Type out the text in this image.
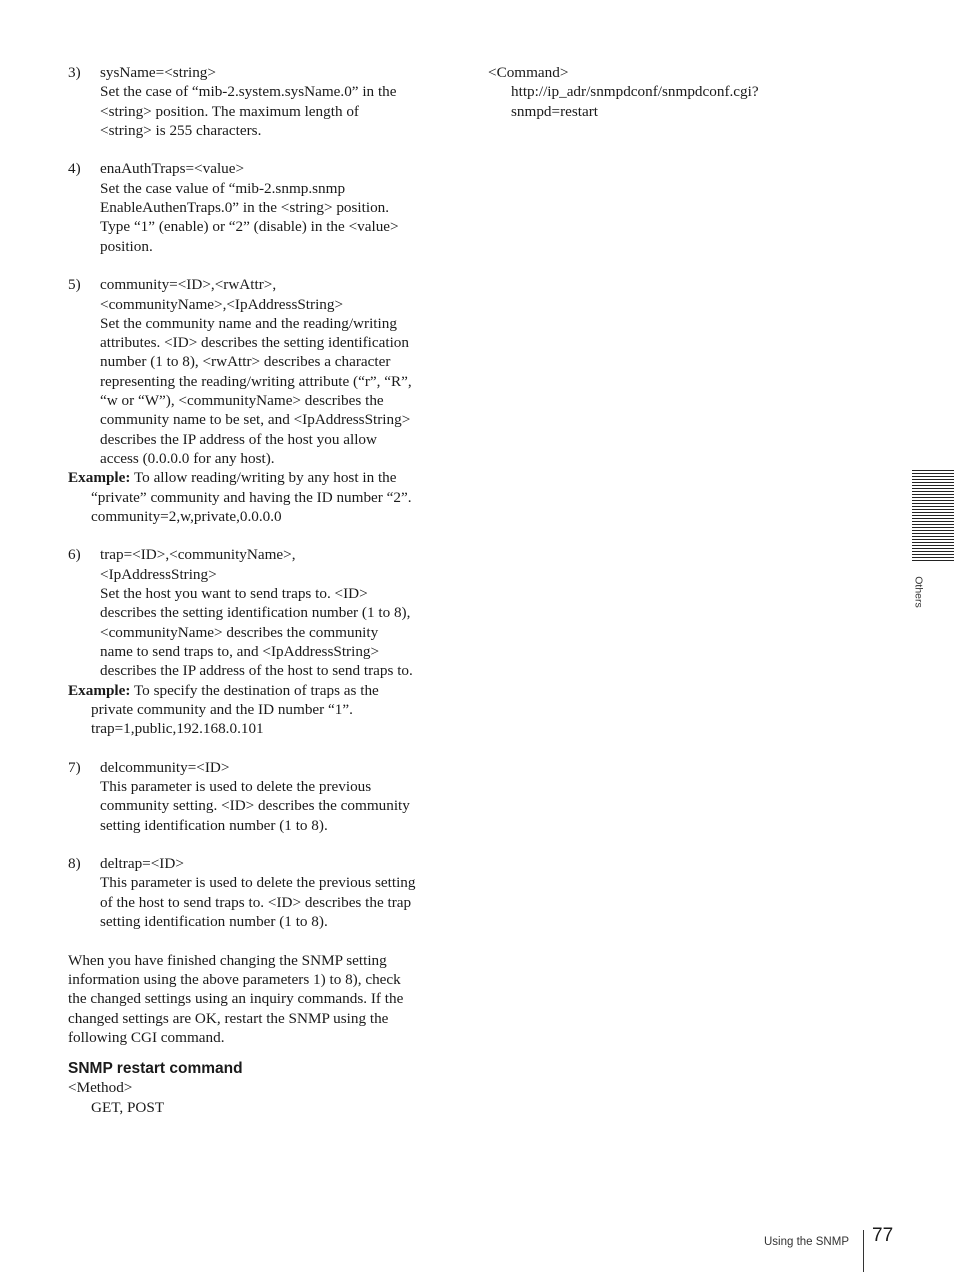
3)	sysName=<string>
Set the case of “mib-2.system.sysName.0” in the
<string> position. The maximum length of
<string> is 255 characters.
4)	enaAuthTraps=<value>
Set the case value of “mib-2.snmp.snmp
EnableAuthenTraps.0” in the <string> position.
Type “1” (enable) or “2” (disable) in the <value>
position.
5)	community=<ID>,<rwAttr>,
<communityName>,<IpAddressString>
Set the community name and the reading/writing
attributes. <ID> describes the setting identification
number (1 to 8), <rwAttr> describes a character
representing the reading/writing attribute (“r”, “R”,
“w or “W”), <communityName> describes the
community name to be set, and <IpAddressString>
describes the IP address of the host you allow
access (0.0.0.0 for any host).
Example: To allow reading/writing by any host in the
“private” community and having the ID number “2”.
community=2,w,private,0.0.0.0
6)	trap=<ID>,<communityName>,
<IpAddressString>
Set the host you want to send traps to. <ID>
describes the setting identification number (1 to 8),
<communityName> describes the community
name to send traps to, and <IpAddressString>
describes the IP address of the host to send traps to.
Example: To specify the destination of traps as the
private community and the ID number “1”.
trap=1,public,192.168.0.101
7)	delcommunity=<ID>
This parameter is used to delete the previous
community setting. <ID> describes the community
setting identification number (1 to 8).
8)	deltrap=<ID>
This parameter is used to delete the previous setting
of the host to send traps to. <ID> describes the trap
setting identification number (1 to 8).
When you have finished changing the SNMP setting
information using the above parameters 1) to 8), check
the changed settings using an inquiry commands. If the
changed settings are OK, restart the SNMP using the
following CGI command.
SNMP restart command
<Method>
GET, POST
<Command>
http://ip_adr/snmpdconf/snmpdconf.cgi?
snmpd=restart
Others
Using the SNMP 77
